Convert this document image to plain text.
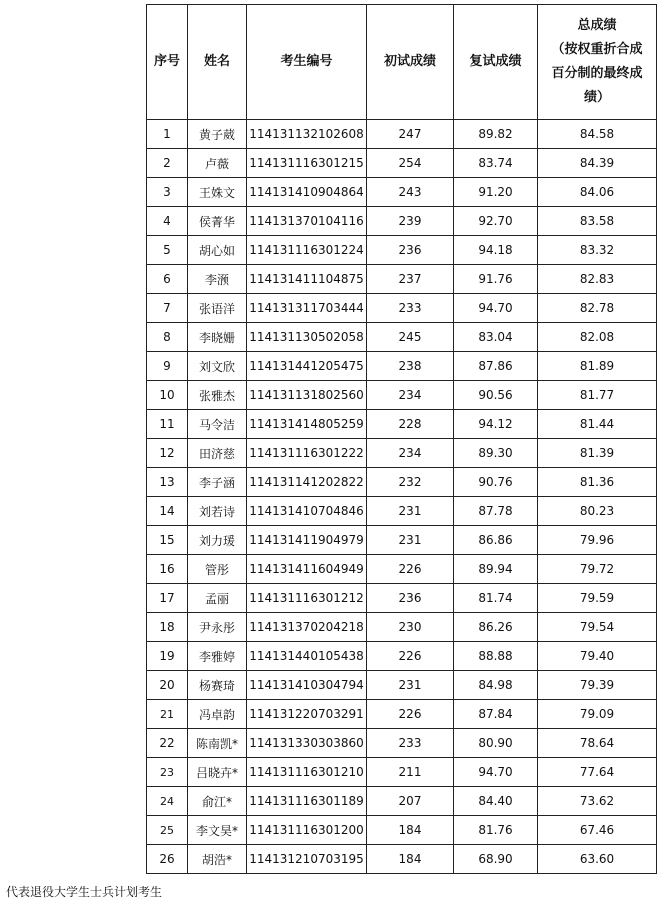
序号	姓名	考生编号	初试成绩	复试成绩	总成绩
（按权重折合成
百分制的最终成
绩）

1	黄子葳	114131132102608	247	89.82	84.58
2	卢薇	114131116301215	254	83.74	84.39
3	王姝文	114131410904864	243	91.20	84.06
4	侯菁华	114131370104116	239	92.70	83.58
5	胡心如	114131116301224	236	94.18	83.32
6	李滪	114131411104875	237	91.76	82.83
7	张语洋	114131311703444	233	94.70	82.78
8	李晓姗	114131130502058	245	83.04	82.08
9	刘文欣	114131441205475	238	87.86	81.89
10	张雅杰	114131131802560	234	90.56	81.77
11	马令洁	114131414805259	228	94.12	81.44
12	田济慈	114131116301222	234	89.30	81.39
13	李子涵	114131141202822	232	90.76	81.36
14	刘若诗	114131410704846	231	87.78	80.23
15	刘力瑗	114131411904979	231	86.86	79.96
16	管彤	114131411604949	226	89.94	79.72
17	孟丽	114131116301212	236	81.74	79.59
18	尹永彤	114131370204218	230	86.26	79.54
19	李雅婷	114131440105438	226	88.88	79.40
20	杨赛琦	114131410304794	231	84.98	79.39
21	冯卓韵	114131220703291	226	87.84	79.09
22	陈南凯*	114131330303860	233	80.90	78.64
23	吕晓卉*	114131116301210	211	94.70	77.64
24	俞江*	114131116301189	207	84.40	73.62
25	李文昊*	114131116301200	184	81.76	67.46
26	胡浩*	114131210703195	184	68.90	63.60
代表退役大学生士兵计划考生
